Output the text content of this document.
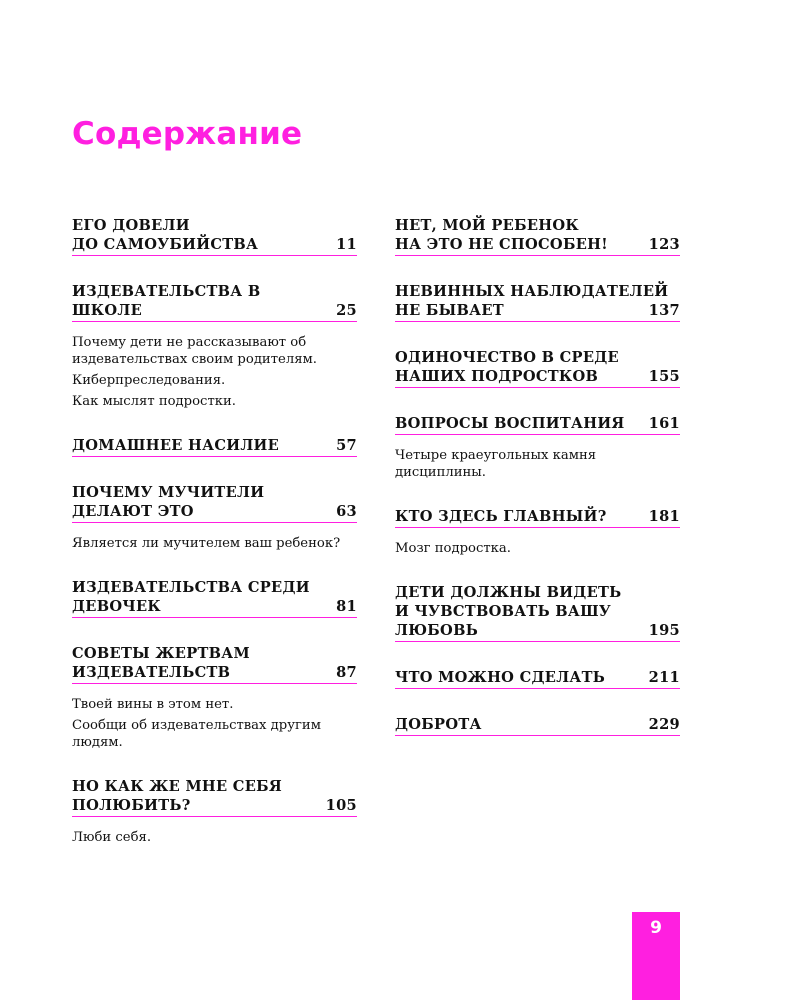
Содержание
ЕГО ДОВЕЛИ
ДО САМОУБИЙСТВА	11
ИЗДЕВАТЕЛЬСТВА В ШКОЛЕ	25
Почему дети не рассказывают об издевательствах своим родителям.
Киберпреследования.
Как мыслят подростки.
ДОМАШНЕЕ НАСИЛИЕ	57
ПОЧЕМУ МУЧИТЕЛИ
ДЕЛАЮТ ЭТО	63
Является ли мучителем ваш ребенок?
ИЗДЕВАТЕЛЬСТВА СРЕДИ
ДЕВОЧЕК	81
СОВЕТЫ ЖЕРТВАМ
ИЗДЕВАТЕЛЬСТВ	87
Твоей вины в этом нет.
Сообщи об издевательствах другим людям.
НО КАК ЖЕ МНЕ СЕБЯ
ПОЛЮБИТЬ?	105
Люби себя.
НЕТ, МОЙ РЕБЕНОК
НА ЭТО НЕ СПОСОБЕН!	123
НЕВИННЫХ НАБЛЮДАТЕЛЕЙ
НЕ БЫВАЕТ	137
ОДИНОЧЕСТВО В СРЕДЕ
НАШИХ ПОДРОСТКОВ	155
ВОПРОСЫ ВОСПИТАНИЯ	161
Четыре краеугольных камня дисциплины.
КТО ЗДЕСЬ ГЛАВНЫЙ?	181
Мозг подростка.
ДЕТИ ДОЛЖНЫ ВИДЕТЬ
И ЧУВСТВОВАТЬ ВАШУ
ЛЮБОВЬ	195
ЧТО МОЖНО СДЕЛАТЬ	211
ДОБРОТА	229
9
